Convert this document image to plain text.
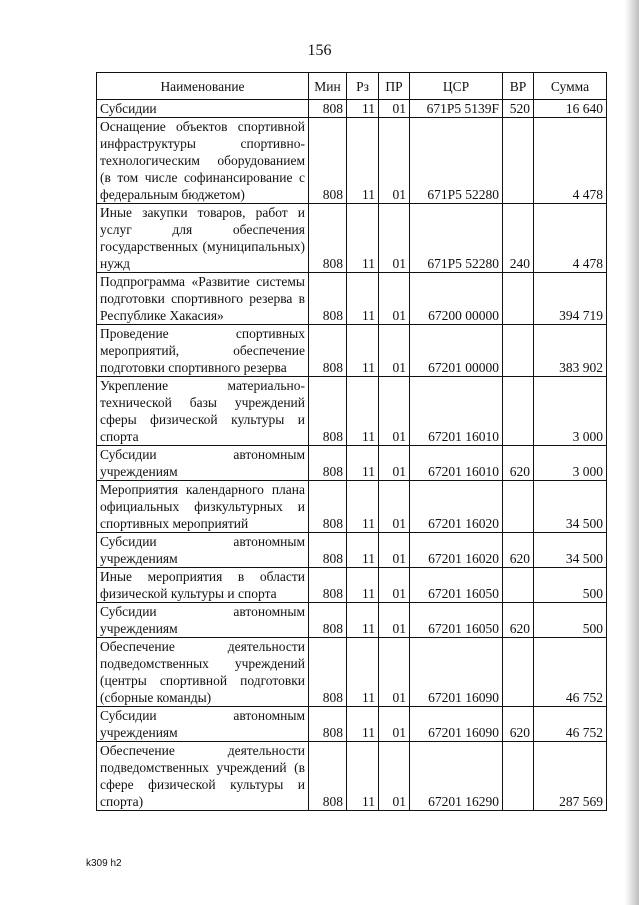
156
Наименование	Мин	Рз	ПР	ЦСР	ВР	Сумма
Субсидии	808	11	01	671P5 5139F	520	16 640
Оснащение объектов спортивной инфраструктуры спортивно-технологическим оборудованием (в том числе софинансирование с федеральным бюджетом)	808	11	01	671P5 52280		4 478
Иные закупки товаров, работ и услуг для обеспечения государственных (муниципальных) нужд	808	11	01	671P5 52280	240	4 478
Подпрограмма «Развитие системы подготовки спортивного резерва в Республике Хакасия»	808	11	01	67200 00000		394 719
Проведение спортивных мероприятий, обеспечение подготовки спортивного резерва	808	11	01	67201 00000		383 902
Укрепление материально-технической базы учреждений сферы физической культуры и спорта	808	11	01	67201 16010		3 000
Субсидии автономным учреждениям	808	11	01	67201 16010	620	3 000
Мероприятия календарного плана официальных физкультурных и спортивных мероприятий	808	11	01	67201 16020		34 500
Субсидии автономным учреждениям	808	11	01	67201 16020	620	34 500
Иные мероприятия в области физической культуры и спорта	808	11	01	67201 16050		500
Субсидии автономным учреждениям	808	11	01	67201 16050	620	500
Обеспечение деятельности подведомственных учреждений (центры спортивной подготовки (сборные команды)	808	11	01	67201 16090		46 752
Субсидии автономным учреждениям	808	11	01	67201 16090	620	46 752
Обеспечение деятельности подведомственных учреждений (в сфере физической культуры и спорта)	808	11	01	67201 16290		287 569
k309 h2
